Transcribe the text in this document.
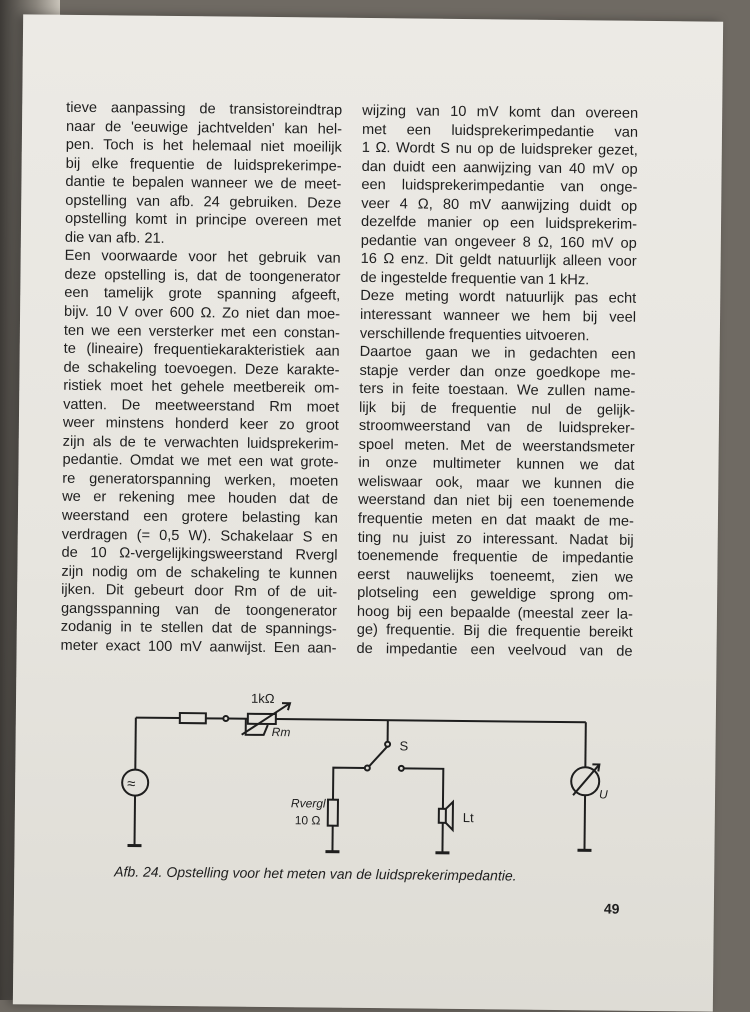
tieve aanpassing de transistoreindtrap
naar de 'eeuwige jachtvelden' kan hel-
pen. Toch is het helemaal niet moeilijk
bij elke frequentie de luidsprekerimpe-
dantie te bepalen wanneer we de meet-
opstelling van afb. 24 gebruiken. Deze
opstelling komt in principe overeen met
die van afb. 21.
Een voorwaarde voor het gebruik van
deze opstelling is, dat de toongenerator
een tamelijk grote spanning afgeeft,
bijv. 10 V over 600 Ω. Zo niet dan moe-
ten we een versterker met een constan-
te (lineaire) frequentiekarakteristiek aan
de schakeling toevoegen. Deze karakte-
ristiek moet het gehele meetbereik om-
vatten. De meetweerstand Rm moet
weer minstens honderd keer zo groot
zijn als de te verwachten luidsprekerim-
pedantie. Omdat we met een wat grote-
re generatorspanning werken, moeten
we er rekening mee houden dat de
weerstand een grotere belasting kan
verdragen (= 0,5 W). Schakelaar S en
de 10 Ω-vergelijkingsweerstand Rvergl
zijn nodig om de schakeling te kunnen
ijken. Dit gebeurt door Rm of de uit-
gangsspanning van de toongenerator
zodanig in te stellen dat de spannings-
meter exact 100 mV aanwijst. Een aan-
wijzing van 10 mV komt dan overeen
met een luidsprekerimpedantie van
1 Ω. Wordt S nu op de luidspreker gezet,
dan duidt een aanwijzing van 40 mV op
een luidsprekerimpedantie van onge-
veer 4 Ω, 80 mV aanwijzing duidt op
dezelfde manier op een luidsprekerim-
pedantie van ongeveer 8 Ω, 160 mV op
16 Ω enz. Dit geldt natuurlijk alleen voor
de ingestelde frequentie van 1 kHz.
Deze meting wordt natuurlijk pas echt
interessant wanneer we hem bij veel
verschillende frequenties uitvoeren.
Daartoe gaan we in gedachten een
stapje verder dan onze goedkope me-
ters in feite toestaan. We zullen name-
lijk bij de frequentie nul de gelijk-
stroomweerstand van de luidspreker-
spoel meten. Met de weerstandsmeter
in onze multimeter kunnen we dat
weliswaar ook, maar we kunnen die
weerstand dan niet bij een toenemende
frequentie meten en dat maakt de me-
ting nu juist zo interessant. Nadat bij
toenemende frequentie de impedantie
eerst nauwelijks toeneemt, zien we
plotseling een geweldige sprong om-
hoog bij een bepaalde (meestal zeer la-
ge) frequentie. Bij die frequentie bereikt
de impedantie een veelvoud van de
≈
1kΩ
Rm
S
Rvergl
10 Ω	Lt
U
Afb. 24. Opstelling voor het meten van de luidsprekerimpedantie.
49
